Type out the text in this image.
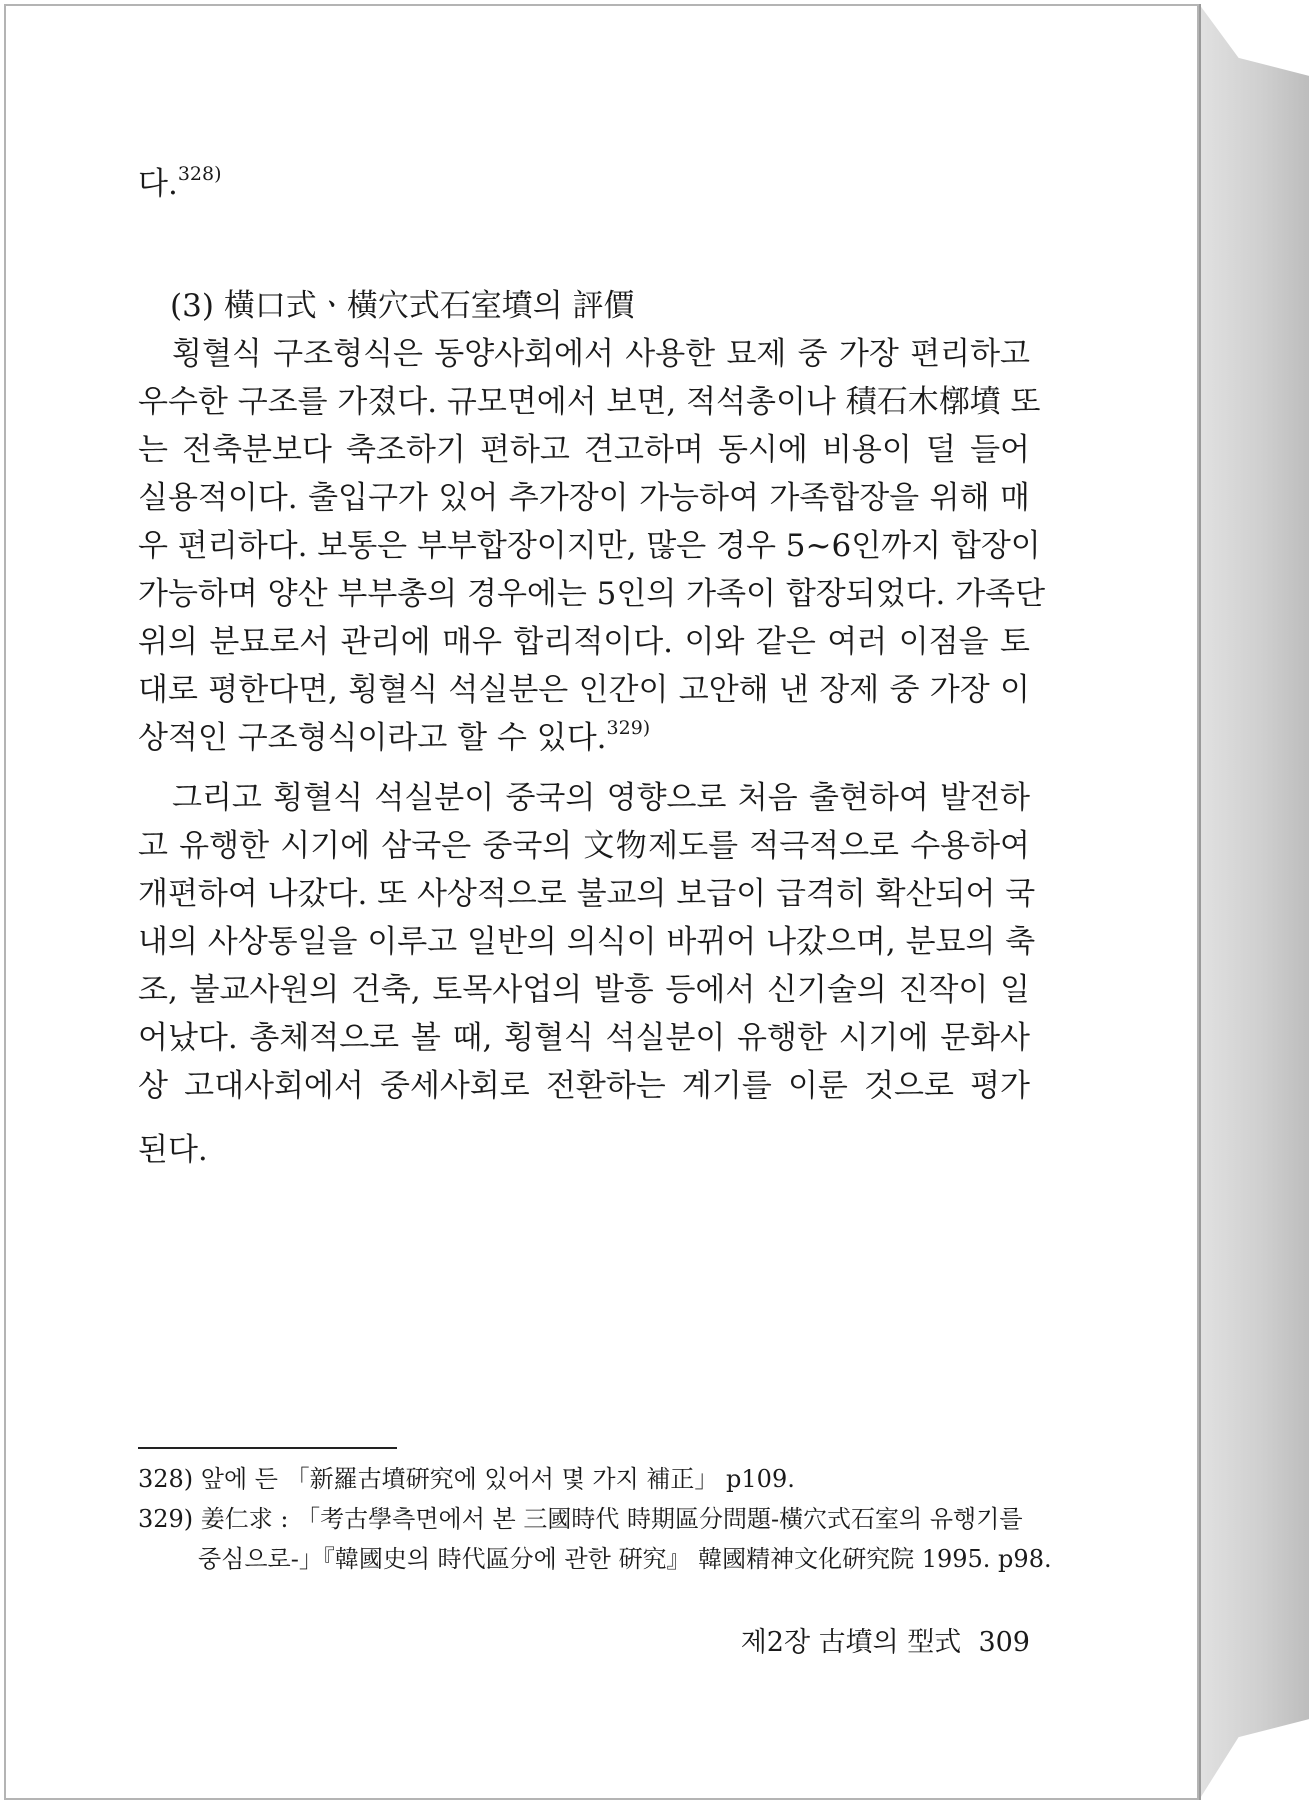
다.$^{328)}$
(3) 橫口式ㆍ橫穴式石室墳의 評價
횡혈식 구조형식은 동양사회에서 사용한 묘제 중 가장 편리하고
우수한 구조를 가졌다. 규모면에서 보면, 적석총이나 積石木槨墳 또
는 전축분보다 축조하기 편하고 견고하며 동시에 비용이 덜 들어
실용적이다. 출입구가 있어 추가장이 가능하여 가족합장을 위해 매
우 편리하다. 보통은 부부합장이지만, 많은 경우 5~6인까지 합장이
가능하며 양산 부부총의 경우에는 5인의 가족이 합장되었다. 가족단
위의 분묘로서 관리에 매우 합리적이다. 이와 같은 여러 이점을 토
대로 평한다면, 횡혈식 석실분은 인간이 고안해 낸 장제 중 가장 이
상적인 구조형식이라고 할 수 있다.$^{329)}$
그리고 횡혈식 석실분이 중국의 영향으로 처음 출현하여 발전하
고 유행한 시기에 삼국은 중국의 文物제도를 적극적으로 수용하여
개편하여 나갔다. 또 사상적으로 불교의 보급이 급격히 확산되어 국
내의 사상통일을 이루고 일반의 의식이 바뀌어 나갔으며, 분묘의 축
조, 불교사원의 건축, 토목사업의 발흥 등에서 신기술의 진작이 일
어났다. 총체적으로 볼 때, 횡혈식 석실분이 유행한 시기에 문화사
상 고대사회에서 중세사회로 전환하는 계기를 이룬 것으로 평가
된다.
328) 앞에 든 「新羅古墳硏究에 있어서 몇 가지 補正」 p109.
329) 姜仁求 : 「考古學측면에서 본 三國時代 時期區分問題-橫穴式石室의 유행기를
중심으로-」『韓國史의 時代區分에 관한 硏究』 韓國精神文化硏究院 1995. p98.
제2장 古墳의 型式 309
